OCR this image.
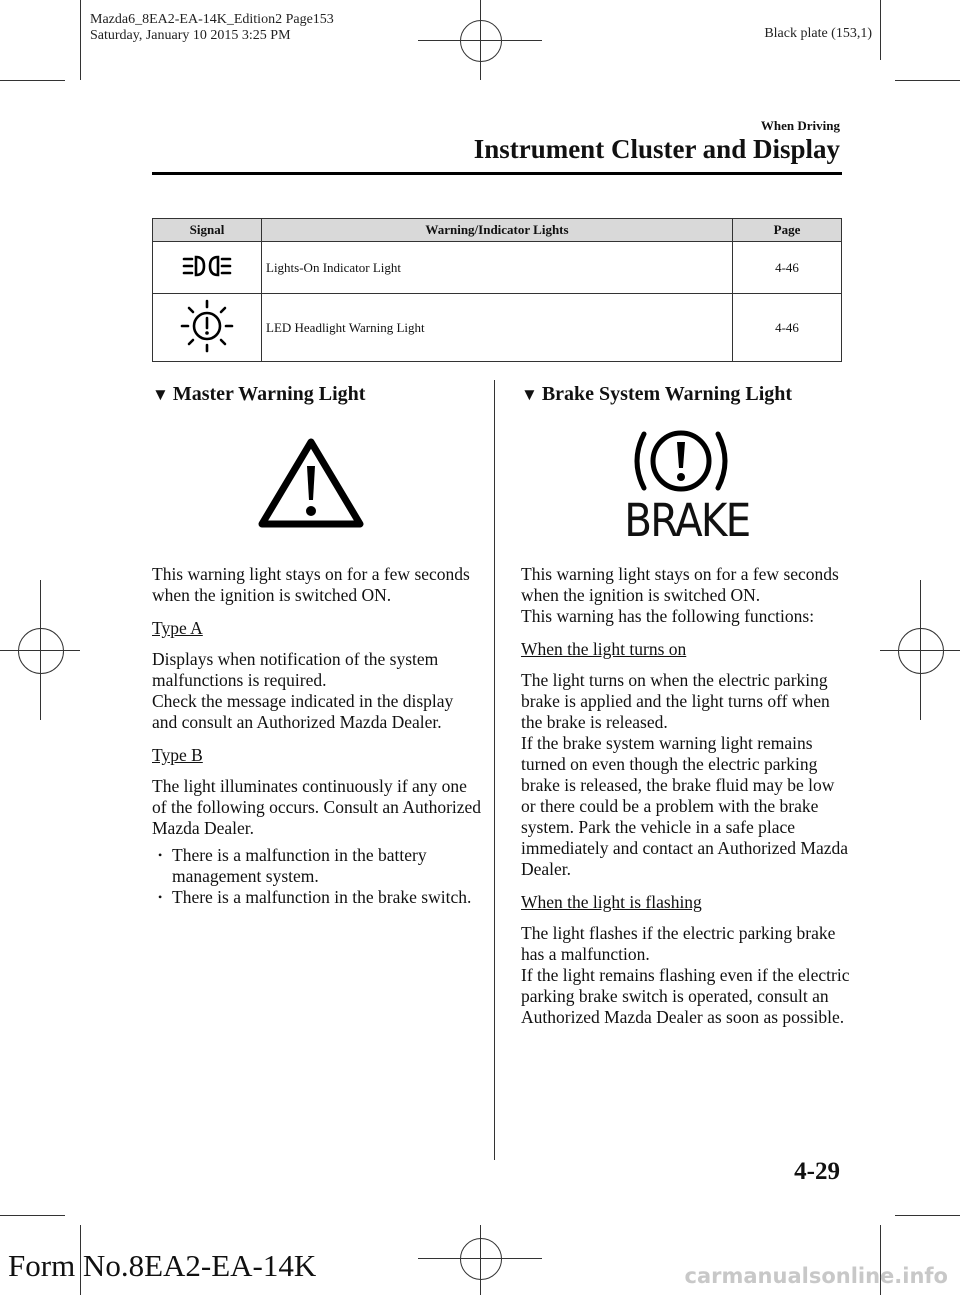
Mazda6_8EA2-EA-14K_Edition2 Page153
Saturday, January 10 2015 3:25 PM	Black plate (153,1)
When Driving
Instrument Cluster and Display
Signal	Warning/Indicator Lights	Page
	Lights-On Indicator Light	4-46
	LED Headlight Warning Light	4-46
▼ Master Warning Light

This warning light stays on for a few seconds when the ignition is switched ON.

Type A

Displays when notification of the system malfunctions is required.

Check the message indicated in the display and consult an Authorized Mazda Dealer.

Type B

The light illuminates continuously if any one of the following occurs. Consult an Authorized Mazda Dealer.

• There is a malfunction in the battery management system.
• There is a malfunction in the brake switch.
▼ Brake System Warning Light
BRAKE

This warning light stays on for a few seconds when the ignition is switched ON.

This warning has the following functions:

When the light turns on

The light turns on when the electric parking brake is applied and the light turns off when the brake is released.

If the brake system warning light remains turned on even though the electric parking brake is released, the brake fluid may be low or there could be a problem with the brake system. Park the vehicle in a safe place immediately and contact an Authorized Mazda Dealer.

When the light is flashing

The light flashes if the electric parking brake has a malfunction.

If the light remains flashing even if the electric parking brake switch is operated, consult an Authorized Mazda Dealer as soon as possible.

4-29
Form No.8EA2-EA-14K	carmanualsonline.info
